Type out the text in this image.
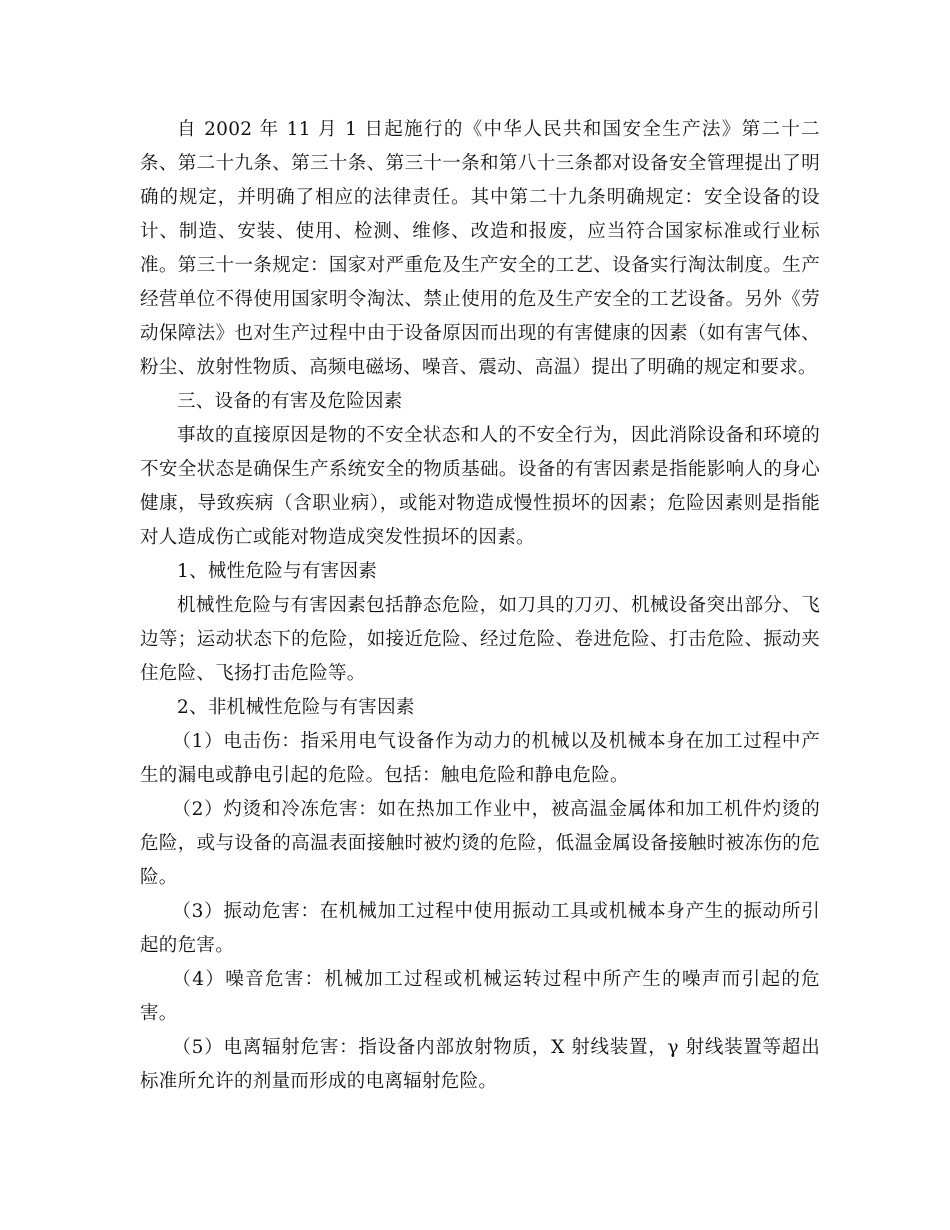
自 2002 年 11 月 1 日起施行的《中华人民共和国安全生产法》第二十二条、第二十九条、第三十条、第三十一条和第八十三条都对设备安全管理提出了明确的规定，并明确了相应的法律责任。其中第二十九条明确规定：安全设备的设计、制造、安装、使用、检测、维修、改造和报废，应当符合国家标准或行业标准。第三十一条规定：国家对严重危及生产安全的工艺、设备实行淘汰制度。生产经营单位不得使用国家明令淘汰、禁止使用的危及生产安全的工艺设备。另外《劳动保障法》也对生产过程中由于设备原因而出现的有害健康的因素（如有害气体、粉尘、放射性物质、高频电磁场、噪音、震动、高温）提出了明确的规定和要求。

三、设备的有害及危险因素

事故的直接原因是物的不安全状态和人的不安全行为，因此消除设备和环境的不安全状态是确保生产系统安全的物质基础。设备的有害因素是指能影响人的身心健康，导致疾病（含职业病），或能对物造成慢性损坏的因素；危险因素则是指能对人造成伤亡或能对物造成突发性损坏的因素。

1、械性危险与有害因素

机械性危险与有害因素包括静态危险，如刀具的刀刃、机械设备突出部分、飞边等；运动状态下的危险，如接近危险、经过危险、卷进危险、打击危险、振动夹住危险、飞扬打击危险等。

2、非机械性危险与有害因素

（1）电击伤：指采用电气设备作为动力的机械以及机械本身在加工过程中产生的漏电或静电引起的危险。包括：触电危险和静电危险。

（2）灼烫和冷冻危害：如在热加工作业中，被高温金属体和加工机件灼烫的危险，或与设备的高温表面接触时被灼烫的危险，低温金属设备接触时被冻伤的危险。

（3）振动危害：在机械加工过程中使用振动工具或机械本身产生的振动所引起的危害。

（4）噪音危害：机械加工过程或机械运转过程中所产生的噪声而引起的危害。

（5）电离辐射危害：指设备内部放射物质，X 射线装置，γ 射线装置等超出标准所允许的剂量而形成的电离辐射危险。
